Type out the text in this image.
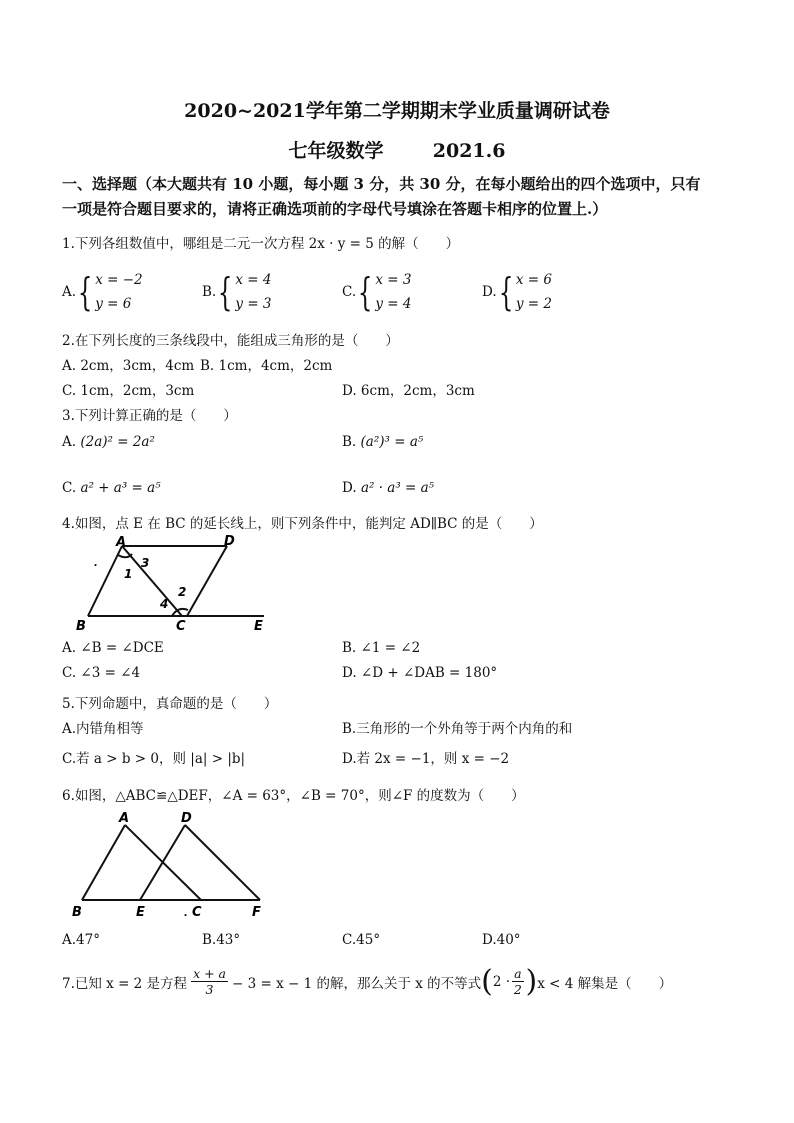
2020~2021学年第二学期期末学业质量调研试卷
七年级数学	2021.6
一、选择题（本大题共有 10 小题，每小题 3 分，共 30 分，在每小题给出的四个选项中，只有
一项是符合题目要求的，请将正确选项前的字母代号填涂在答题卡相序的位置上.）
1.下列各组数值中，哪组是二元一次方程 2x · y = 5 的解（　　）
A. { x = −2
y = 6
B. { x = 4
y = 3
C. { x = 3
y = 4
D. { x = 6
y = 2
2.在下列长度的三条线段中，能组成三角形的是（　　）
A. 2cm，3cm，4cm B. 1cm，4cm，2cm
C. 1cm，2cm，3cm	D. 6cm，2cm，3cm
3.下列计算正确的是（　　）
A. (2a)² = 2a²	B. (a²)³ = a⁵
C. a² + a³ = a⁵	D. a² · a³ = a⁵
4.如图，点 E 在 BC 的延长线上，则下列条件中，能判定 AD∥BC 的是（　　）
A	D
B	C	E
1
2
3
4
.
A. ∠B = ∠DCE	B. ∠1 = ∠2
C. ∠3 = ∠4	D. ∠D + ∠DAB = 180°
5.下列命题中，真命题的是（　　）
A.内错角相等	B.三角形的一个外角等于两个内角的和
C.若 a > b > 0，则 |a| > |b|	D.若 2x = −1，则 x = −2
6.如图，△ABC≌△DEF，∠A = 63°，∠B = 70°，则∠F 的度数为（　　）
A	D
B	E	C	F
.
A.47°	B.43°	C.45°	D.40°
7.已知 x = 2 是方程 $\frac{x + a}{3} - 3 = x - 1$ 的解，那么关于 x 的不等式 ( $2 \cdot \frac{a}{2}$ ) x < 4 解集是（　　）
